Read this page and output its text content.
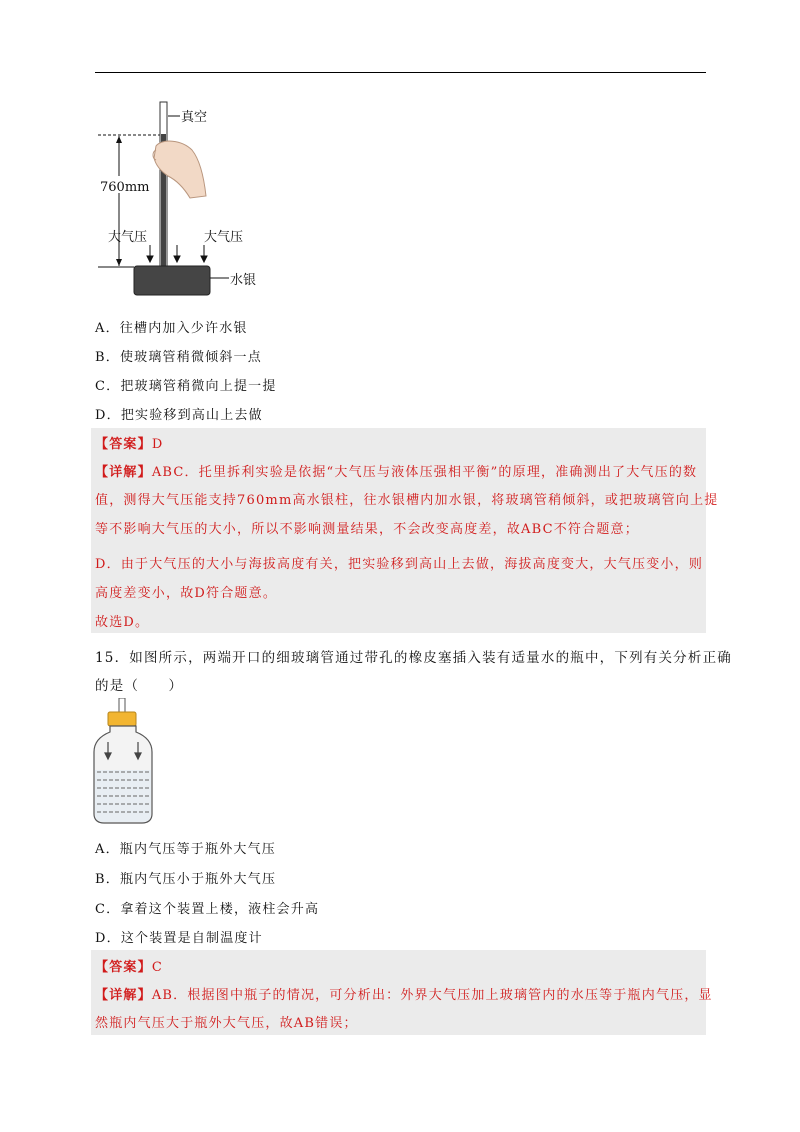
真空
760mm
大气压	大气压
水银
A．往槽内加入少许水银
B．使玻璃管稍微倾斜一点
C．把玻璃管稍微向上提一提
D．把实验移到高山上去做
【答案】D
【详解】ABC．托里拆利实验是依据“大气压与液体压强相平衡”的原理，准确测出了大气压的数
值，测得大气压能支持760mm高水银柱，往水银槽内加水银，将玻璃管稍倾斜，或把玻璃管向上提
等不影响大气压的大小，所以不影响测量结果，不会改变高度差，故ABC不符合题意；
D．由于大气压的大小与海拔高度有关，把实验移到高山上去做，海拔高度变大，大气压变小，则
高度差变小，故D符合题意。
故选D。
15．如图所示，两端开口的细玻璃管通过带孔的橡皮塞插入装有适量水的瓶中，下列有关分析正确
的是（　　）
A．瓶内气压等于瓶外大气压
B．瓶内气压小于瓶外大气压
C．拿着这个装置上楼，液柱会升高
D．这个装置是自制温度计
【答案】C
【详解】AB．根据图中瓶子的情况，可分析出：外界大气压加上玻璃管内的水压等于瓶内气压，显
然瓶内气压大于瓶外大气压，故AB错误；
